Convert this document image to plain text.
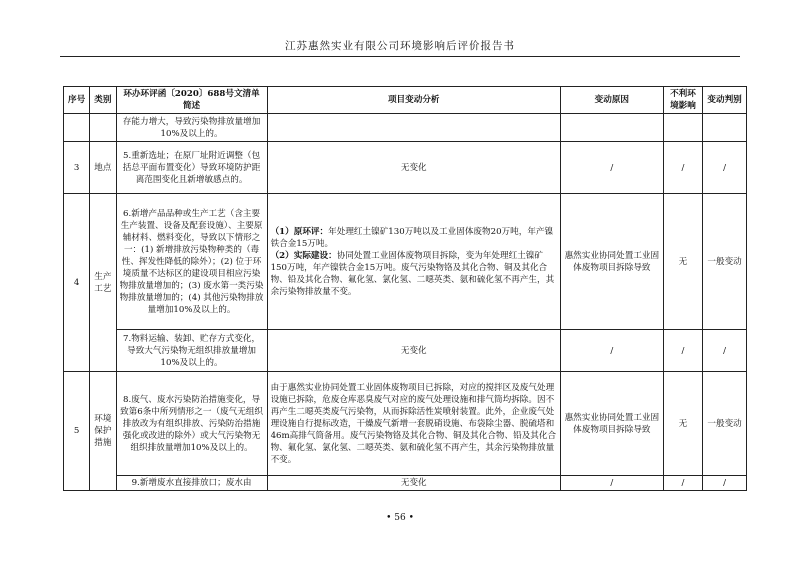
江苏惠然实业有限公司环境影响后评价报告书
序号	类别	环办环评函〔2020〕688号文清单简述	项目变动分析	变动原因	不利环境影响	变动判别
		存能力增大，导致污染物排放量增加10%及以上的。				
3	地点	5.重新选址；在原厂址附近调整（包括总平面布置变化）导致环境防护距离范围变化且新增敏感点的。	无变化	/	/	/
4	生产工艺	6.新增产品品种或生产工艺（含主要生产装置、设备及配套设施）、主要原辅材料、燃料变化，导致以下情形之一：(1) 新增排放污染物种类的（毒性、挥发性降低的除外）；(2) 位于环境质量不达标区的建设项目相应污染物排放量增加的；(3) 废水第一类污染物排放量增加的；(4) 其他污染物排放量增加10%及以上的。	（1）原环评：年处理红土镍矿130万吨以及工业固体废物20万吨，年产镍铁合金15万吨。
（2）实际建设：协同处置工业固体废物项目拆除，变为年处理红土镍矿150万吨，年产镍铁合金15万吨。废气污染物铬及其化合物、铜及其化合物、铅及其化合物、氟化氢、氯化氢、二噁英类、氨和硫化氢不再产生，其余污染物排放量不变。	惠然实业协同处置工业固体废物项目拆除导致	无	一般变动
		7.物料运输、装卸、贮存方式变化，导致大气污染物无组织排放量增加10%及以上的。	无变化	/	/	/
5	环境保护措施	8.废气、废水污染防治措施变化，导致第6条中所列情形之一（废气无组织排放改为有组织排放、污染防治措施强化或改进的除外）或大气污染物无组织排放量增加10%及以上的。	由于惠然实业协同处置工业固体废物项目已拆除，对应的搅拌区及废气处理设施已拆除，危废仓库恶臭废气对应的废气处理设施和排气筒均拆除。因不再产生二噁英类废气污染物，从而拆除活性炭喷射装置。此外，企业废气处理设施自行提标改造，干燥废气新增一套脱硝设施、布袋除尘器、脱硫塔和46m高排气筒备用。废气污染物铬及其化合物、铜及其化合物、铅及其化合物、氟化氢、氯化氢、二噁英类、氨和硫化氢不再产生，其余污染物排放量不变。	惠然实业协同处置工业固体废物项目拆除导致	无	一般变动
		9.新增废水直接排放口；废水由	无变化	/	/	/
• 56 •
